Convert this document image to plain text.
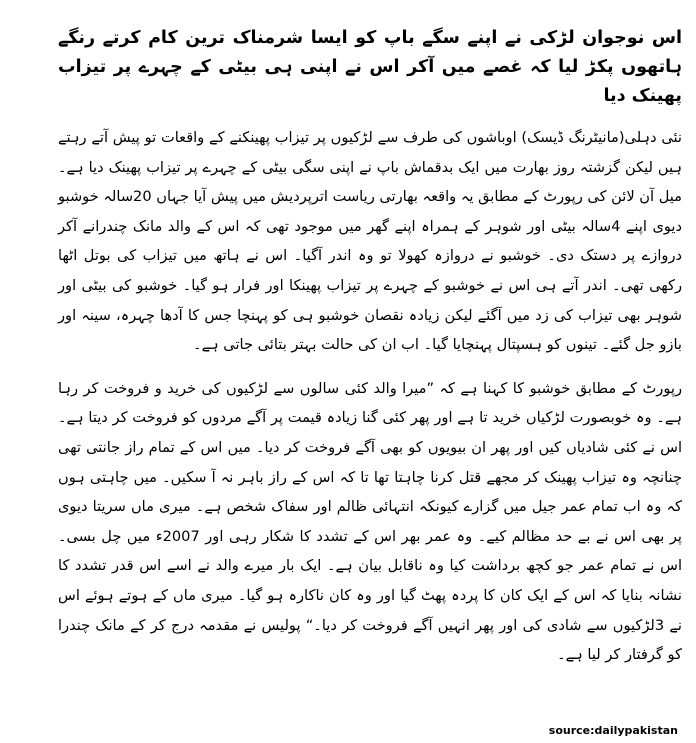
اس نوجوان لڑکی نے اپنے سگے باپ کو ایسا شرمناک ترین کام کرتے رنگے ہاتھوں پکڑ لیا کہ غصے میں آکر اس نے اپنی ہی بیٹی کے چہرے پر تیزاب پھینک دیا
نئی دہلی(مانیٹرنگ ڈیسک) اوباشوں کی طرف سے لڑکیوں پر تیزاب پھینکنے کے واقعات تو پیش آتے رہتے ہیں لیکن گزشتہ روز بھارت میں ایک بدقماش باپ نے اپنی سگی بیٹی کے چہرے پر تیزاب پھینک دیا ہے۔ میل آن لائن کی رپورٹ کے مطابق یہ واقعہ بھارتی ریاست اترپردیش میں پیش آیا جہاں 20سالہ خوشبو دیوی اپنے 4سالہ بیٹی اور شوہر کے ہمراہ اپنے گھر میں موجود تھی کہ اس کے والد مانک چندرانے آکر دروازے پر دستک دی۔ خوشبو نے دروازہ کھولا تو وہ اندر آگیا۔ اس نے ہاتھ میں تیزاب کی بوتل اٹھا رکھی تھی۔ اندر آتے ہی اس نے خوشبو کے چہرے پر تیزاب پھینکا اور فرار ہو گیا۔ خوشبو کی بیٹی اور شوہر بھی تیزاب کی زد میں آگئے لیکن زیادہ نقصان خوشبو ہی کو پہنچا جس کا آدھا چہرہ، سینہ اور بازو جل گئے۔ تینوں کو ہسپتال پہنچایا گیا۔ اب ان کی حالت بہتر بتائی جاتی ہے۔
رپورٹ کے مطابق خوشبو کا کہنا ہے کہ ”میرا والد کئی سالوں سے لڑکیوں کی خرید و فروخت کر رہا ہے۔ وہ خوبصورت لڑکیاں خرید تا ہے اور پھر کئی گنا زیادہ قیمت پر آگے مردوں کو فروخت کر دیتا ہے۔ اس نے کئی شادیاں کیں اور پھر ان بیویوں کو بھی آگے فروخت کر دیا۔ میں اس کے تمام راز جانتی تھی چنانچہ وہ تیزاب پھینک کر مجھے قتل کرنا چاہتا تھا تا کہ اس کے راز باہر نہ آ سکیں۔ میں چاہتی ہوں کہ وہ اب تمام عمر جیل میں گزارے کیونکہ انتہائی ظالم اور سفاک شخص ہے۔ میری ماں سریتا دیوی پر بھی اس نے بے حد مظالم کیے۔ وہ عمر بھر اس کے تشدد کا شکار رہی اور 2007ء میں چل بسی۔ اس نے تمام عمر جو کچھ برداشت کیا وہ ناقابل بیان ہے۔ ایک بار میرے والد نے اسے اس قدر تشدد کا نشانہ بنایا کہ اس کے ایک کان کا پردہ پھٹ گیا اور وہ کان ناکارہ ہو گیا۔ میری ماں کے ہوتے ہوئے اس نے 3لڑکیوں سے شادی کی اور پھر انہیں آگے فروخت کر دیا۔“ پولیس نے مقدمہ درج کر کے مانک چندرا کو گرفتار کر لیا ہے۔
source:dailypakistan
